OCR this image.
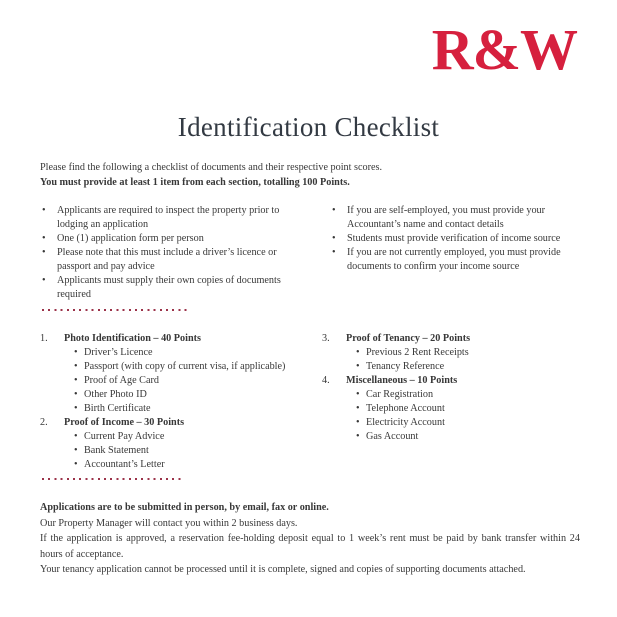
R&W
Identification Checklist

Please find the following a checklist of documents and their respective point scores.

You must provide at least 1 item from each section, totalling 100 Points.

• Applicants are required to inspect the property prior to lodging an application
• One (1) application form per person
• Please note that this must include a driver’s licence or passport and pay advice
• Applicants must supply their own copies of documents required
• If you are self-employed, you must provide your Accountant’s name and contact details
• Students must provide verification of income source
• If you are not currently employed, you must provide documents to confirm your income source
1.	Photo Identification – 40 Points
• Driver’s Licence
• Passport (with copy of current visa, if applicable)
• Proof of Age Card
• Other Photo ID
• Birth Certificate
2.	Proof of Income – 30 Points
• Current Pay Advice
• Bank Statement
• Accountant’s Letter
3.	Proof of Tenancy – 20 Points
• Previous 2 Rent Receipts
• Tenancy Reference
4.	Miscellaneous – 10 Points
• Car Registration
• Telephone Account
• Electricity Account
• Gas Account

Applications are to be submitted in person, by email, fax or online.

Our Property Manager will contact you within 2 business days.

If the application is approved, a reservation fee-holding deposit equal to 1 week’s rent must be paid by bank transfer within 24 hours of acceptance.

Your tenancy application cannot be processed until it is complete, signed and copies of supporting documents attached.
